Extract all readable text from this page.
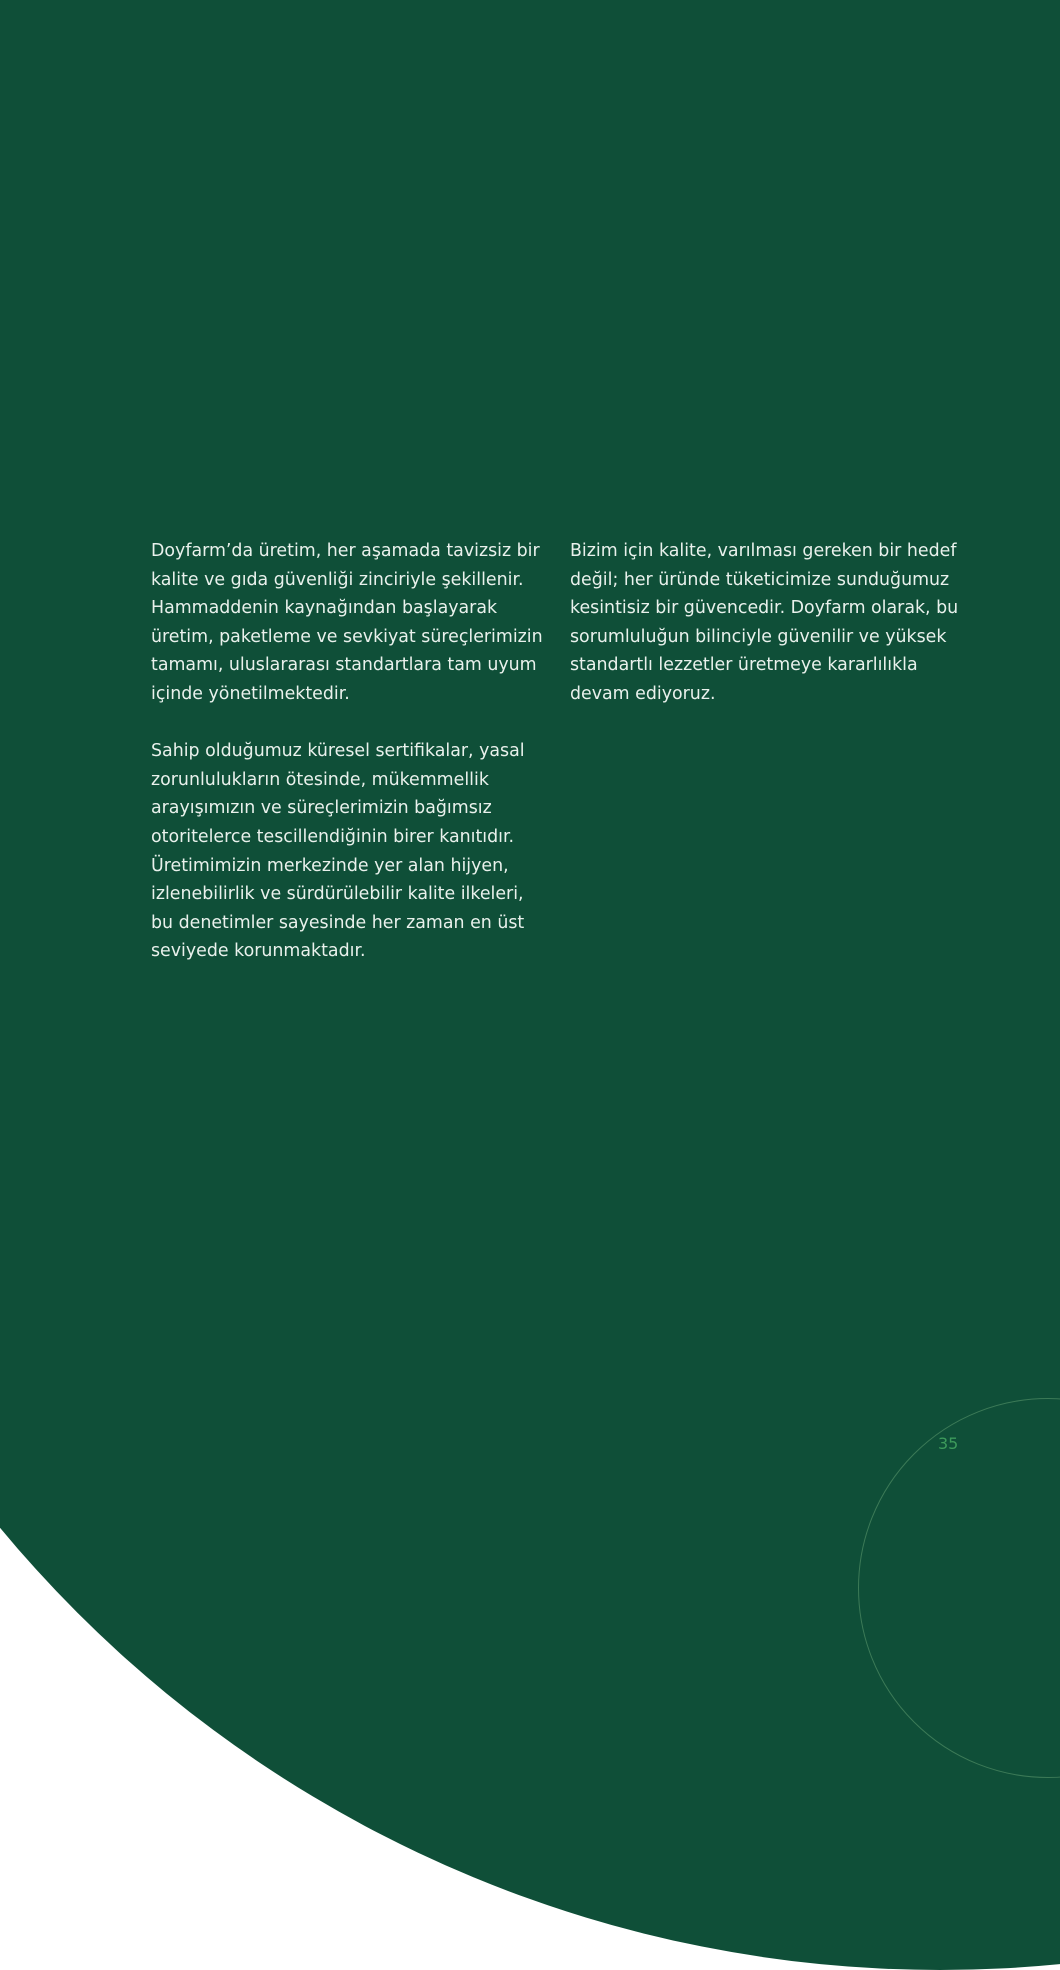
Doyfarm’da üretim, her aşamada tavizsiz bir
kalite ve gıda güvenliği zinciriyle şekillenir.
Hammaddenin kaynağından başlayarak
üretim, paketleme ve sevkiyat süreçlerimizin
tamamı, uluslararası standartlara tam uyum
içinde yönetilmektedir.

Sahip olduğumuz küresel sertifikalar, yasal
zorunlulukların ötesinde, mükemmellik
arayışımızın ve süreçlerimizin bağımsız
otoritelerce tescillendiğinin birer kanıtıdır.
Üretimimizin merkezinde yer alan hijyen,
izlenebilirlik ve sürdürülebilir kalite ilkeleri,
bu denetimler sayesinde her zaman en üst
seviyede korunmaktadır.

Bizim için kalite, varılması gereken bir hedef
değil; her üründe tüketicimize sunduğumuz
kesintisiz bir güvencedir. Doyfarm olarak, bu
sorumluluğun bilinciyle güvenilir ve yüksek
standartlı lezzetler üretmeye kararlılıkla
devam ediyoruz.

35
